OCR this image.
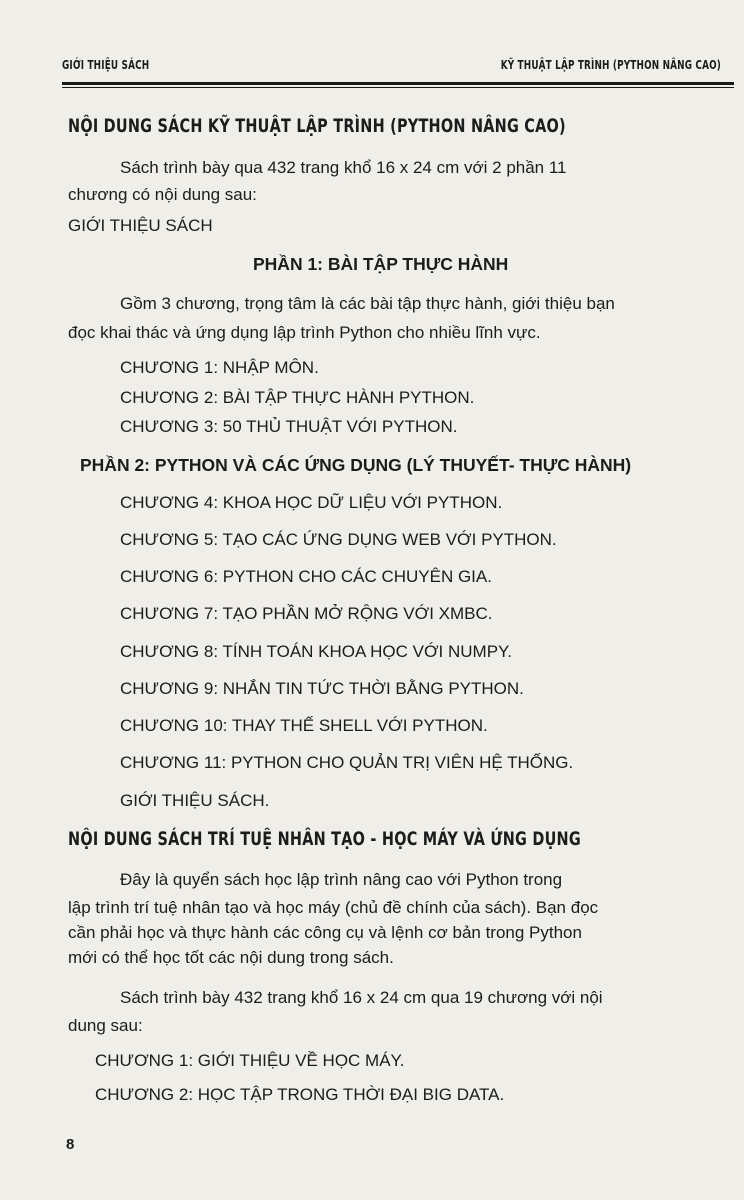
GIỚI THIỆU SÁCH	KỸ THUẬT LẬP TRÌNH (PYTHON NÂNG CAO)
NỘI DUNG SÁCH KỸ THUẬT LẬP TRÌNH (PYTHON NÂNG CAO)
Sách trình bày qua 432 trang khổ 16 x 24 cm với 2 phần 11
chương có nội dung sau:
GIỚI THIỆU SÁCH
PHẦN 1: BÀI TẬP THỰC HÀNH
Gồm 3 chương, trọng tâm là các bài tập thực hành, giới thiệu bạn
đọc khai thác và ứng dụng lập trình Python cho nhiều lĩnh vực.
CHƯƠNG 1: NHẬP MÔN.
CHƯƠNG 2: BÀI TẬP THỰC HÀNH PYTHON.
CHƯƠNG 3: 50 THỦ THUẬT VỚI PYTHON.
PHẦN 2: PYTHON VÀ CÁC ỨNG DỤNG (LÝ THUYẾT- THỰC HÀNH)
CHƯƠNG 4: KHOA HỌC DỮ LIỆU VỚI PYTHON.
CHƯƠNG 5: TẠO CÁC ỨNG DỤNG WEB VỚI PYTHON.
CHƯƠNG 6: PYTHON CHO CÁC CHUYÊN GIA.
CHƯƠNG 7: TẠO PHẦN MỞ RỘNG VỚI XMBC.
CHƯƠNG 8: TÍNH TOÁN KHOA HỌC VỚI NUMPY.
CHƯƠNG 9: NHẮN TIN TỨC THỜI BẰNG PYTHON.
CHƯƠNG 10: THAY THẾ SHELL VỚI PYTHON.
CHƯƠNG 11: PYTHON CHO QUẢN TRỊ VIÊN HỆ THỐNG.
GIỚI THIỆU SÁCH.
NỘI DUNG SÁCH TRÍ TUỆ NHÂN TẠO - HỌC MÁY VÀ ỨNG DỤNG
Đây là quyển sách học lập trình nâng cao với Python trong
lập trình trí tuệ nhân tạo và học máy (chủ đề chính của sách). Bạn đọc
cần phải học và thực hành các công cụ và lệnh cơ bản trong Python
mới có thể học tốt các nội dung trong sách.
Sách trình bày 432 trang khổ 16 x 24 cm qua 19 chương với nội
dung sau:
CHƯƠNG 1: GIỚI THIỆU VỀ HỌC MÁY.
CHƯƠNG 2: HỌC TẬP TRONG THỜI ĐẠI BIG DATA.
8
